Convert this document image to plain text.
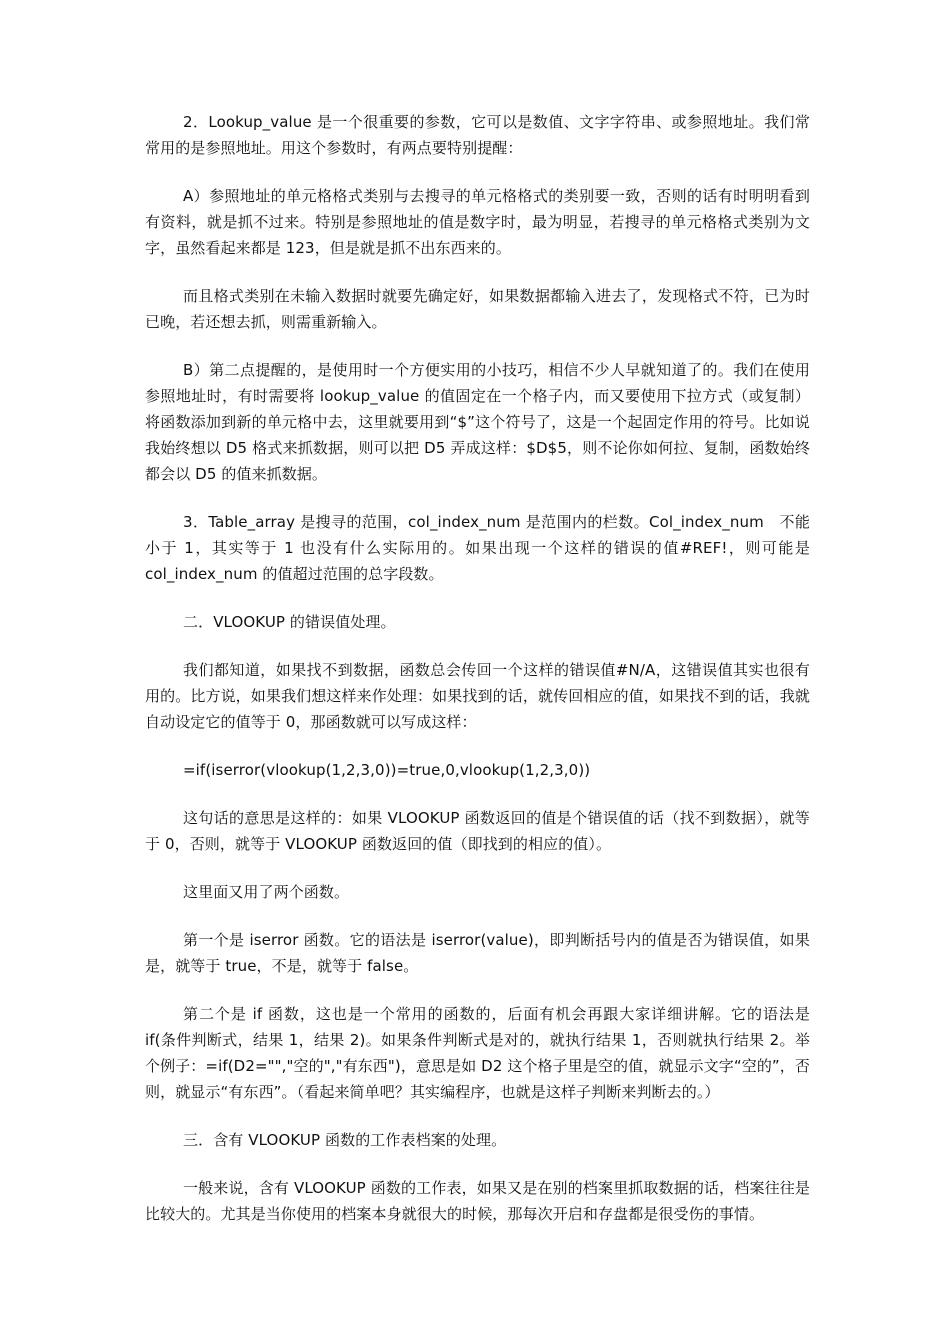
2．Lookup_value 是一个很重要的参数，它可以是数值、文字字符串、或参照地址。我们常常用的是参照地址。用这个参数时，有两点要特别提醒：

A）参照地址的单元格格式类别与去搜寻的单元格格式的类别要一致，否则的话有时明明看到有资料，就是抓不过来。特别是参照地址的值是数字时，最为明显，若搜寻的单元格格式类别为文字，虽然看起来都是 123，但是就是抓不出东西来的。

而且格式类别在未输入数据时就要先确定好，如果数据都输入进去了，发现格式不符，已为时已晚，若还想去抓，则需重新输入。

B）第二点提醒的，是使用时一个方便实用的小技巧，相信不少人早就知道了的。我们在使用参照地址时，有时需要将 lookup_value 的值固定在一个格子内，而又要使用下拉方式（或复制）将函数添加到新的单元格中去，这里就要用到“$”这个符号了，这是一个起固定作用的符号。比如说我始终想以 D5 格式来抓数据，则可以把 D5 弄成这样：$D$5，则不论你如何拉、复制，函数始终都会以 D5 的值来抓数据。

3．Table_array 是搜寻的范围，col_index_num 是范围内的栏数。Col_index_num　不能小于 1，其实等于 1 也没有什么实际用的。如果出现一个这样的错误的值#REF!，则可能是 col_index_num 的值超过范围的总字段数。

二．VLOOKUP 的错误值处理。

我们都知道，如果找不到数据，函数总会传回一个这样的错误值#N/A，这错误值其实也很有用的。比方说，如果我们想这样来作处理：如果找到的话，就传回相应的值，如果找不到的话，我就自动设定它的值等于 0，那函数就可以写成这样：

=if(iserror(vlookup(1,2,3,0))=true,0,vlookup(1,2,3,0))

这句话的意思是这样的：如果 VLOOKUP 函数返回的值是个错误值的话（找不到数据），就等于 0，否则，就等于 VLOOKUP 函数返回的值（即找到的相应的值）。

这里面又用了两个函数。

第一个是 iserror 函数。它的语法是 iserror(value)，即判断括号内的值是否为错误值，如果是，就等于 true，不是，就等于 false。

第二个是 if 函数，这也是一个常用的函数的，后面有机会再跟大家详细讲解。它的语法是 if(条件判断式，结果 1，结果 2)。如果条件判断式是对的，就执行结果 1，否则就执行结果 2。举个例子：=if(D2="","空的","有东西")，意思是如 D2 这个格子里是空的值，就显示文字“空的”，否则，就显示“有东西”。（看起来简单吧？其实编程序，也就是这样子判断来判断去的。）

三．含有 VLOOKUP 函数的工作表档案的处理。

一般来说，含有 VLOOKUP 函数的工作表，如果又是在别的档案里抓取数据的话，档案往往是比较大的。尤其是当你使用的档案本身就很大的时候，那每次开启和存盘都是很受伤的事情。
